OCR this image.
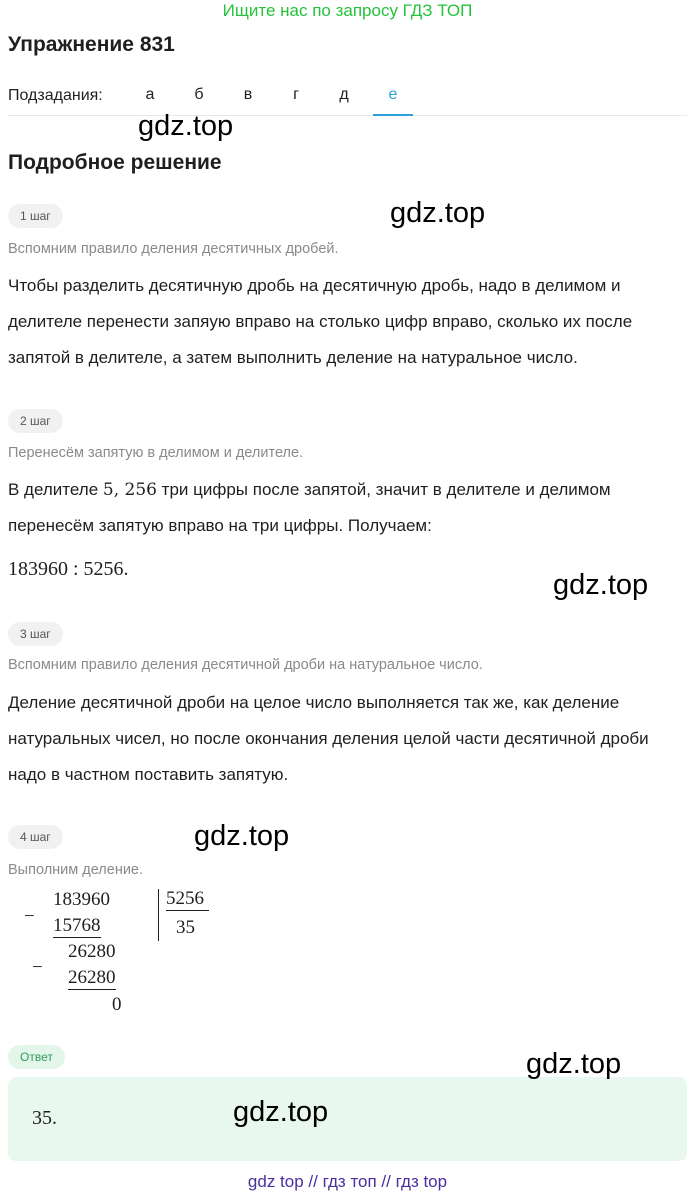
Ищите нас по запросу ГДЗ ТОП
Упражнение 831
Подзадания:	а	б	в	г	д	е
gdz.top
Подробное решение
1 шаг	gdz.top
Вспомним правило деления десятичных дробей.
Чтобы разделить десятичную дробь на десятичную дробь, надо в делимом и делителе перенести запяую вправо на столько цифр вправо, сколько их после запятой в делителе, а затем выполнить деление на натуральное число.
2 шаг
Перенесём запятую в делимом и делителе.
В делителе 5, 256 три цифры после запятой, значит в делителе и делимом перенесём запятую вправо на три цифры. Получаем:
183960 : 5256.	gdz.top
3 шаг
Вспомним правило деления десятичной дроби на натуральное число.
Деление десятичной дроби на целое число выполняется так же, как деление натуральных чисел, но после окончания деления целой части десятичной дроби надо в частном поставить запятую.
4 шаг	gdz.top
Выполним деление.
−
183960
15768
5256
35
−
26280
26280
0
Ответ
35.
gdz.top
gdz.top
gdz top // гдз топ // гдз top
